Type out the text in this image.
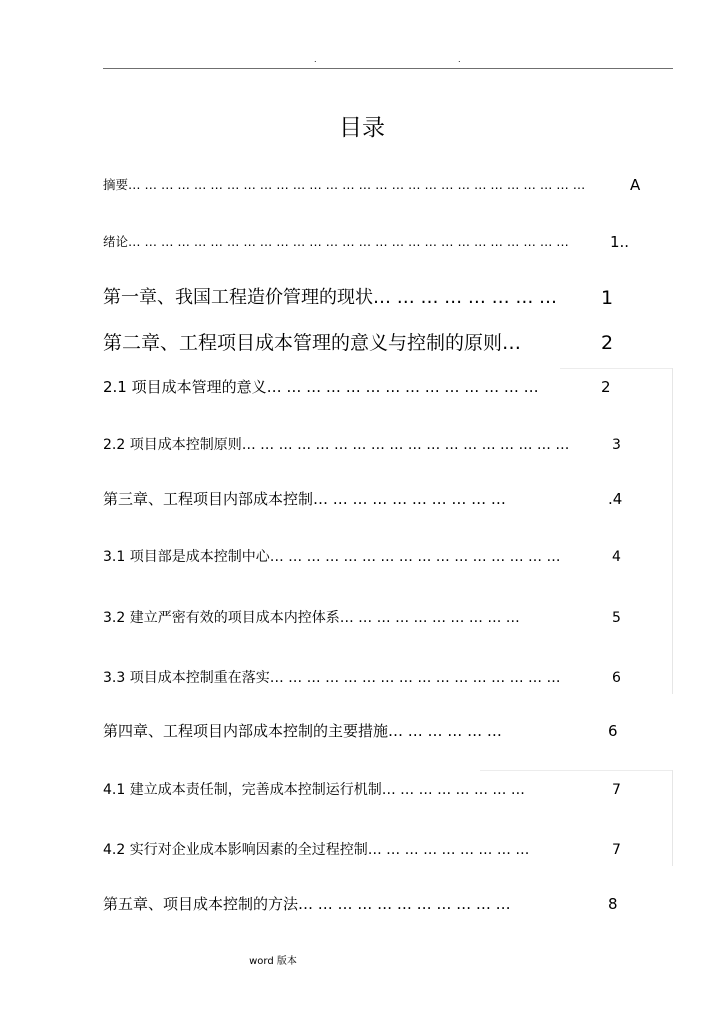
.	.
目录
摘要… … … … … … … … … … … … … … … … … … … … … … … … … … … …	A
绪论… … … … … … … … … … … … … … … … … … … … … … … … … … …	1..
第一章、我国工程造价管理的现状… … … … … … … … 1
第二章、工程项目成本管理的意义与控制的原则…	2
2.1 项目成本管理的意义… … … … … … … … … … … … … …	2
2.2 项目成本控制原则… … … … … … … … … … … … … … … … … …	3
第三章、工程项目内部成本控制… … … … … … … … … …	.4
3.1 项目部是成本控制中心… … … … … … … … … … … … … … … …	4
3.2 建立严密有效的项目成本内控体系… … … … … … … … … …	5
3.3 项目成本控制重在落实… … … … … … … … … … … … … … … …	6
第四章、工程项目内部成本控制的主要措施… … … … … …	6
4.1 建立成本责任制，完善成本控制运行机制… … … … … … … …	7
4.2 实行对企业成本影响因素的全过程控制… … … … … … … … …	7
第五章、项目成本控制的方法… … … … … … … … … … …	8
word 版本
